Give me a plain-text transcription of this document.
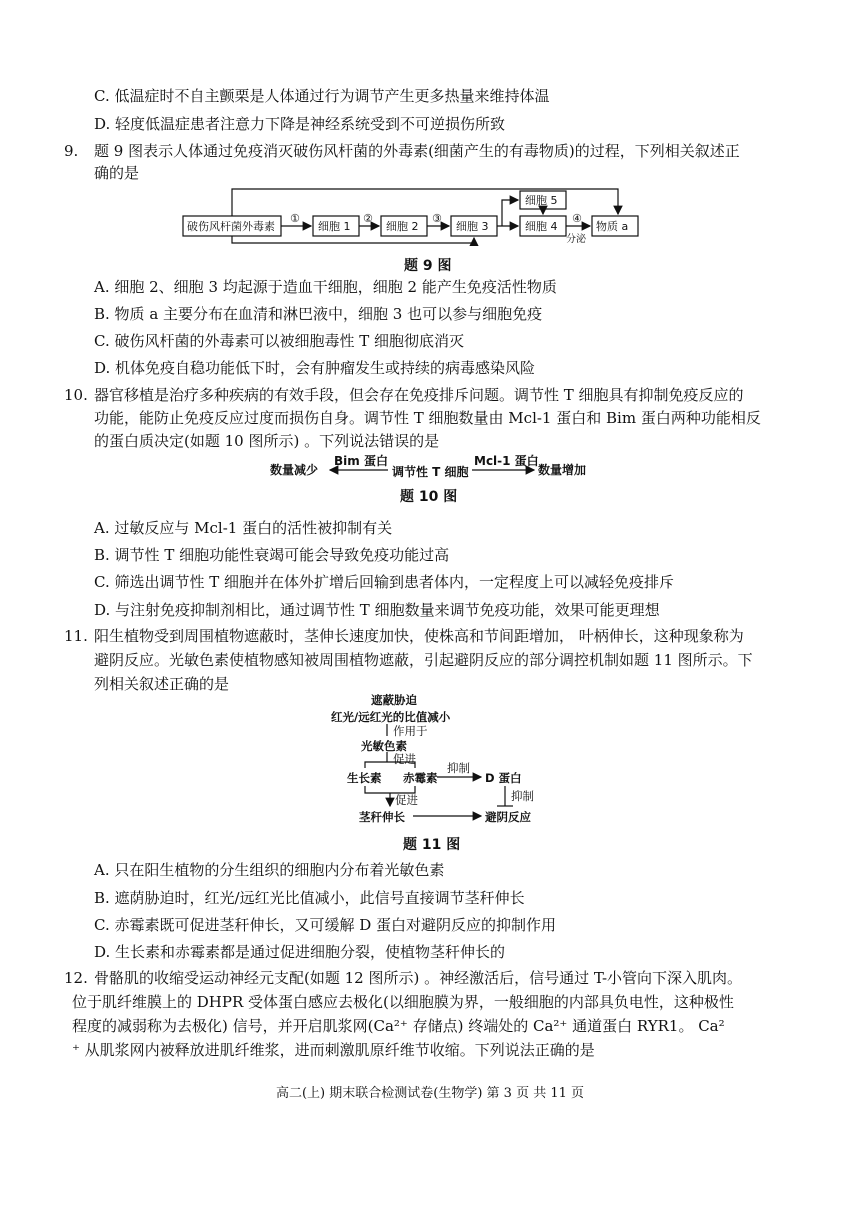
C. 低温症时不自主颤栗是人体通过行为调节产生更多热量来维持体温
D. 轻度低温症患者注意力下降是神经系统受到不可逆损伤所致
9. 题 9 图表示人体通过免疫消灭破伤风杆菌的外毒素(细菌产生的有毒物质)的过程，下列相关叙述正
确的是
破伤风杆菌外毒素	细胞 1	细胞 2	细胞 3	细胞 4
细胞 5
物质 a
①	②	③	④
分泌
题 9 图
A. 细胞 2、细胞 3 均起源于造血干细胞，细胞 2 能产生免疫活性物质
B. 物质 a 主要分布在血清和淋巴液中，细胞 3 也可以参与细胞免疫
C. 破伤风杆菌的外毒素可以被细胞毒性 T 细胞彻底消灭
D. 机体免疫自稳功能低下时，会有肿瘤发生或持续的病毒感染风险
10. 器官移植是治疗多种疾病的有效手段，但会存在免疫排斥问题。调节性 T 细胞具有抑制免疫反应的
功能，能防止免疫反应过度而损伤自身。调节性 T 细胞数量由 Mcl-1 蛋白和 Bim 蛋白两种功能相反
的蛋白质决定(如题 10 图所示) 。下列说法错误的是
数量减少
Bim 蛋白
调节性 T 细胞
Mcl-1 蛋白
数量增加
题 10 图
A. 过敏反应与 Mcl-1 蛋白的活性被抑制有关
B. 调节性 T 细胞功能性衰竭可能会导致免疫功能过高
C. 筛选出调节性 T 细胞并在体外扩增后回输到患者体内，一定程度上可以减轻免疫排斥
D. 与注射免疫抑制剂相比，通过调节性 T 细胞数量来调节免疫功能，效果可能更理想
11. 阳生植物受到周围植物遮蔽时，茎伸长速度加快，使株高和节间距增加， 叶柄伸长，这种现象称为
避阴反应。光敏色素使植物感知被周围植物遮蔽，引起避阴反应的部分调控机制如题 11 图所示。下
列相关叙述正确的是
遮蔽胁迫
红光/远红光的比值减小
作用于
光敏色素
促进
生长素 赤霉素
抑制
D 蛋白
促进	抑制
茎秆伸长	避阴反应
题 11 图
A. 只在阳生植物的分生组织的细胞内分布着光敏色素
B. 遮荫胁迫时，红光/远红光比值减小，此信号直接调节茎秆伸长
C. 赤霉素既可促进茎秆伸长，又可缓解 D 蛋白对避阴反应的抑制作用
D. 生长素和赤霉素都是通过促进细胞分裂，使植物茎秆伸长的
12. 骨骼肌的收缩受运动神经元支配(如题 12 图所示) 。神经激活后，信号通过 T-小管向下深入肌肉。
位于肌纤维膜上的 DHPR 受体蛋白感应去极化(以细胞膜为界，一般细胞的内部具负电性，这种极性
程度的减弱称为去极化) 信号，并开启肌浆网(Ca²⁺ 存储点) 终端处的 Ca²⁺ 通道蛋白 RYR1。 Ca²
⁺ 从肌浆网内被释放进肌纤维浆，进而刺激肌原纤维节收缩。下列说法正确的是
高二(上) 期末联合检测试卷(生物学) 第 3 页 共 11 页
